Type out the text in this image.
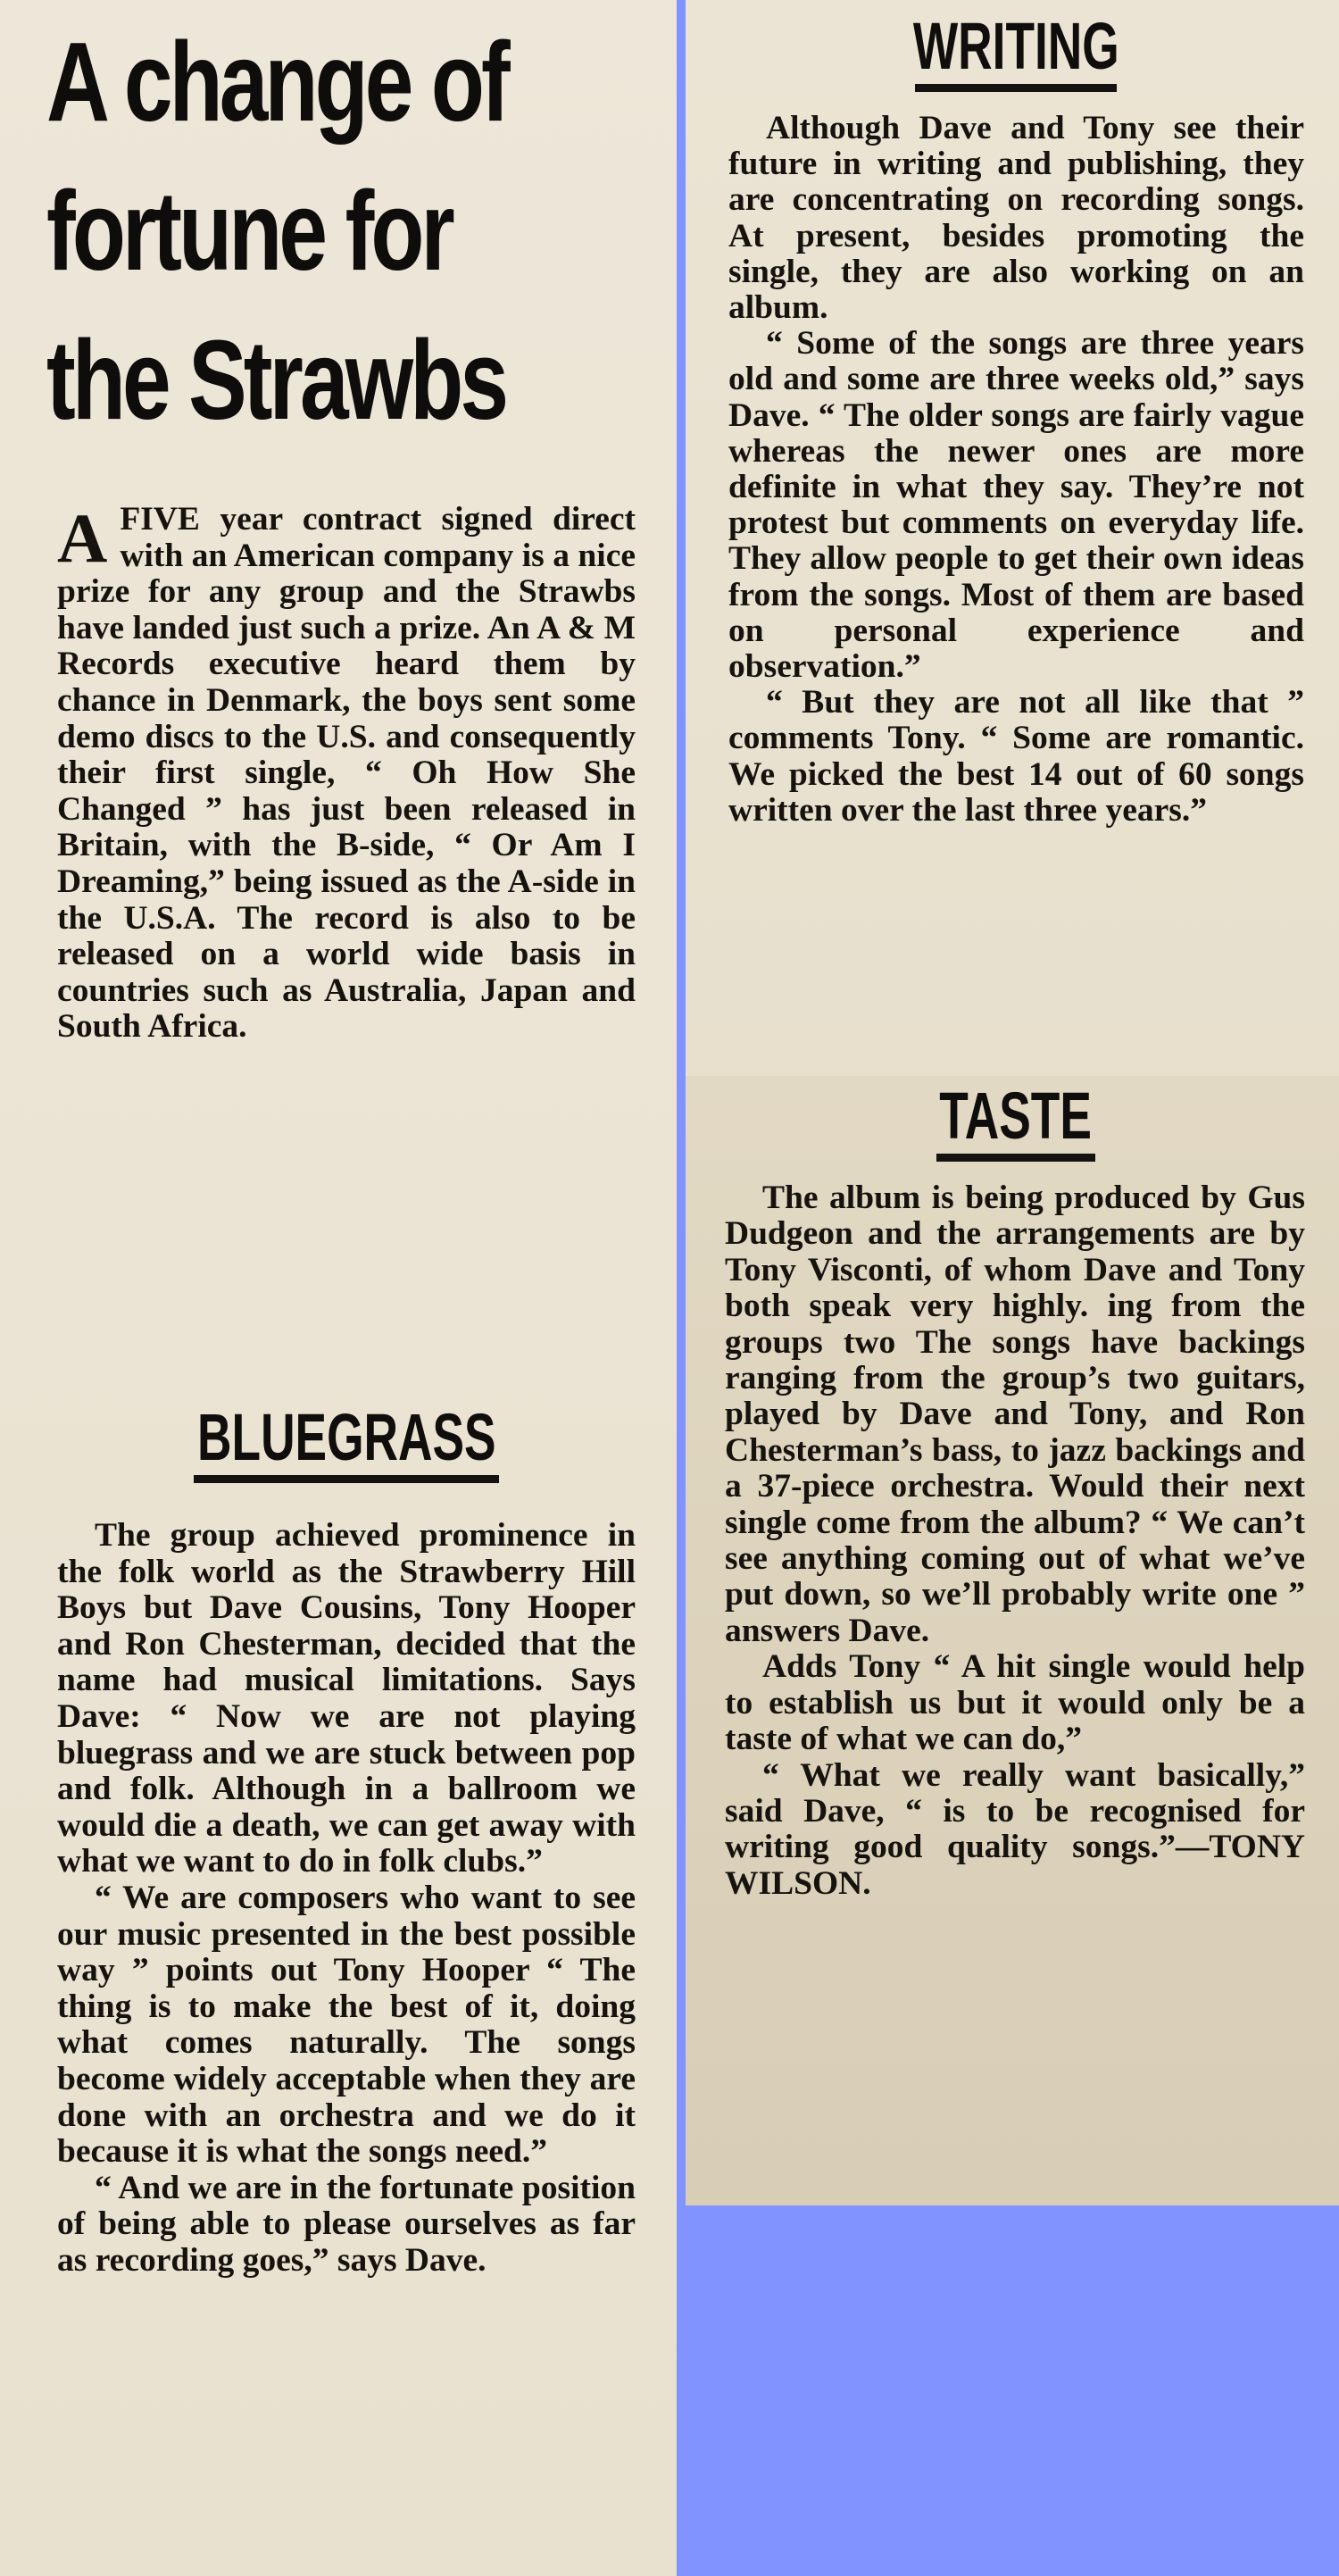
A change of
fortune for
the Strawbs

A FIVE year contract signed direct with an American company is a nice prize for any group and the Strawbs have landed just such a prize. An A & M Records executive heard them by chance in Denmark, the boys sent some demo discs to the U.S. and consequently their first single, “ Oh How She Changed ” has just been released in Britain, with the B-side, “ Or Am I Dreaming,” being issued as the A-side in the U.S.A. The record is also to be released on a world wide basis in countries such as Australia, Japan and South Africa.

BLUEGRASS

The group achieved prominence in the folk world as the Strawberry Hill Boys but Dave Cousins, Tony Hooper and Ron Chesterman, decided that the name had musical limitations. Says Dave: “ Now we are not playing bluegrass and we are stuck between pop and folk. Although in a ballroom we would die a death, we can get away with what we want to do in folk clubs.”

“ We are composers who want to see our music presented in the best possible way ” points out Tony Hooper “ The thing is to make the best of it, doing what comes naturally. The songs become widely acceptable when they are done with an orchestra and we do it because it is what the songs need.”

“ And we are in the fortunate position of being able to please ourselves as far as recording goes,” says Dave.

WRITING

Although Dave and Tony see their future in writing and publishing, they are concentrating on recording songs. At present, besides promoting the single, they are also working on an album.

“ Some of the songs are three years old and some are three weeks old,” says Dave. “ The older songs are fairly vague whereas the newer ones are more definite in what they say. They’re not protest but comments on everyday life. They allow people to get their own ideas from the songs. Most of them are based on personal experience and observation.”

“ But they are not all like that ” comments Tony. “ Some are romantic. We picked the best 14 out of 60 songs written over the last three years.”

TASTE

The album is being produced by Gus Dudgeon and the arrangements are by Tony Visconti, of whom Dave and Tony both speak very highly. ing from the groups two The songs have backings ranging from the group’s two guitars, played by Dave and Tony, and Ron Chesterman’s bass, to jazz backings and a 37-piece orchestra. Would their next single come from the album? “ We can’t see anything coming out of what we’ve put down, so we’ll probably write one ” answers Dave.

Adds Tony “ A hit single would help to establish us but it would only be a taste of what we can do,”

“ What we really want basically,” said Dave, “ is to be recognised for writing good quality songs.”—TONY WILSON.
